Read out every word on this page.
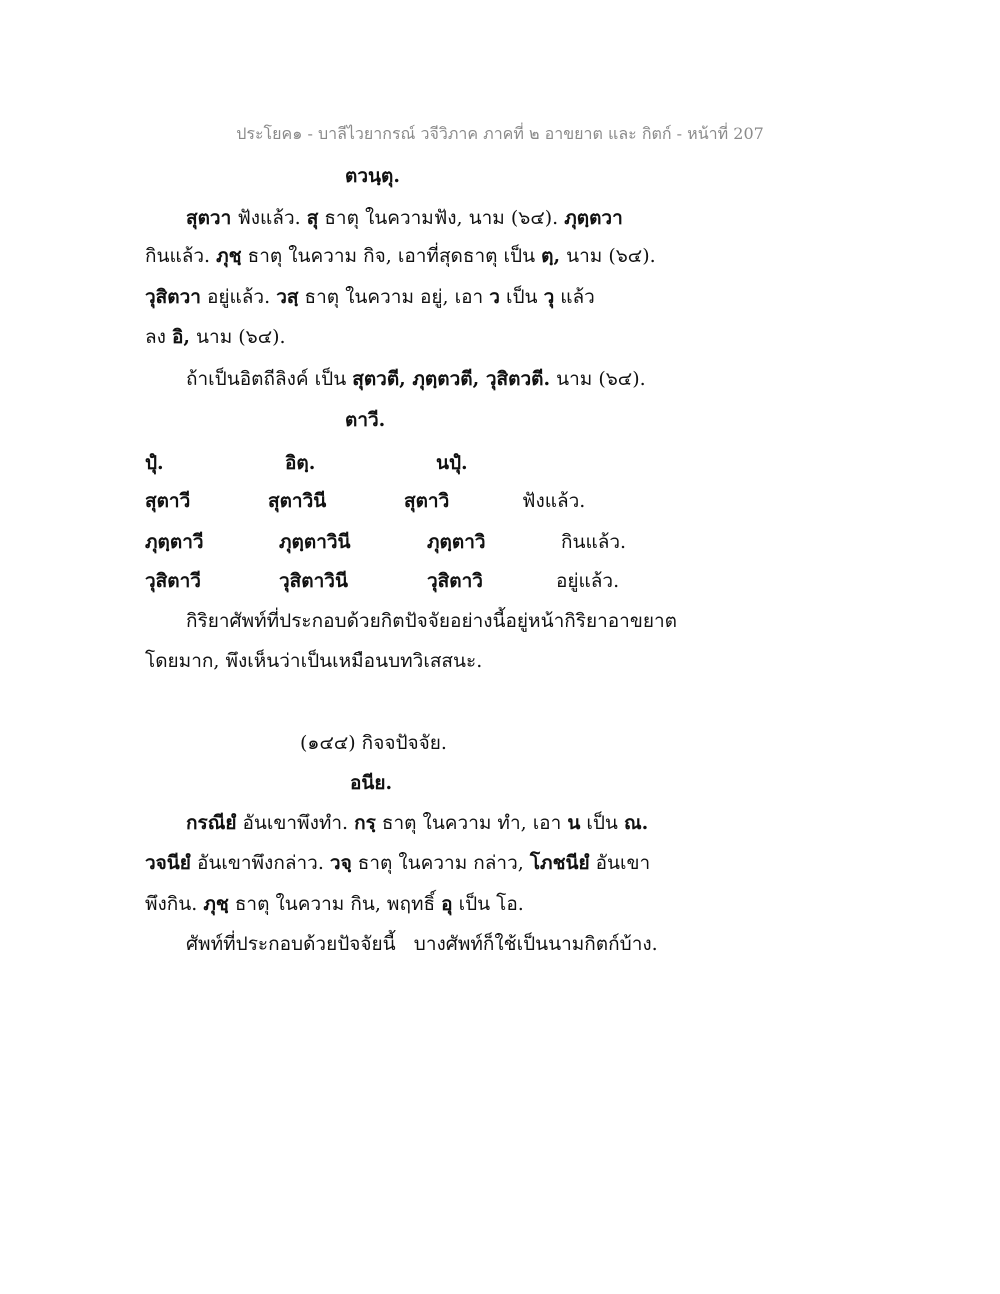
ประโยค๑ - บาลีไวยากรณ์ วจีวิภาค ภาคที่ ๒ อาขยาต และ กิตก์ - หน้าที่ 207
ตวนฺตุ.
สุตวา ฟังแล้ว. สุ ธาตุ ในความฟัง, นาม (๖๔). ภุตฺตวา
กินแล้ว. ภุชฺ ธาตุ ในความ กิจ, เอาที่สุดธาตุ เป็น ตฺ, นาม (๖๔).
วุสิตวา อยู่แล้ว. วสฺ ธาตุ ในความ อยู่, เอา ว เป็น วุ แล้ว
ลง อิ, นาม (๖๔).
ถ้าเป็นอิตถีลิงค์ เป็น สุตวตี, ภุตฺตวตี, วุสิตวตี. นาม (๖๔).
ตาวี.
ปุํ.	อิตฺ.	นปุํ.
สุตาวี	สุตาวินี	สุตาวิ	ฟังแล้ว.
ภุตฺตาวี	ภุตฺตาวินี	ภุตฺตาวิ	กินแล้ว.
วุสิตาวี	วุสิตาวินี	วุสิตาวิ	อยู่แล้ว.
กิริยาศัพท์ที่ประกอบด้วยกิตปัจจัยอย่างนี้อยู่หน้ากิริยาอาขยาต
โดยมาก, พึงเห็นว่าเป็นเหมือนบทวิเสสนะ.
(๑๔๔) กิจจปัจจัย.
อนีย.
กรณียํ อันเขาพึงทำ. กรฺ ธาตุ ในความ ทำ, เอา น เป็น ณ.
วจนียํ อันเขาพึงกล่าว. วจฺ ธาตุ ในความ กล่าว, โภชนียํ อันเขา
พึงกิน. ภุชฺ ธาตุ ในความ กิน, พฤทธิ์ อุ เป็น โอ.
ศัพท์ที่ประกอบด้วยปัจจัยนี้   บางศัพท์ก็ใช้เป็นนามกิตก์บ้าง.
